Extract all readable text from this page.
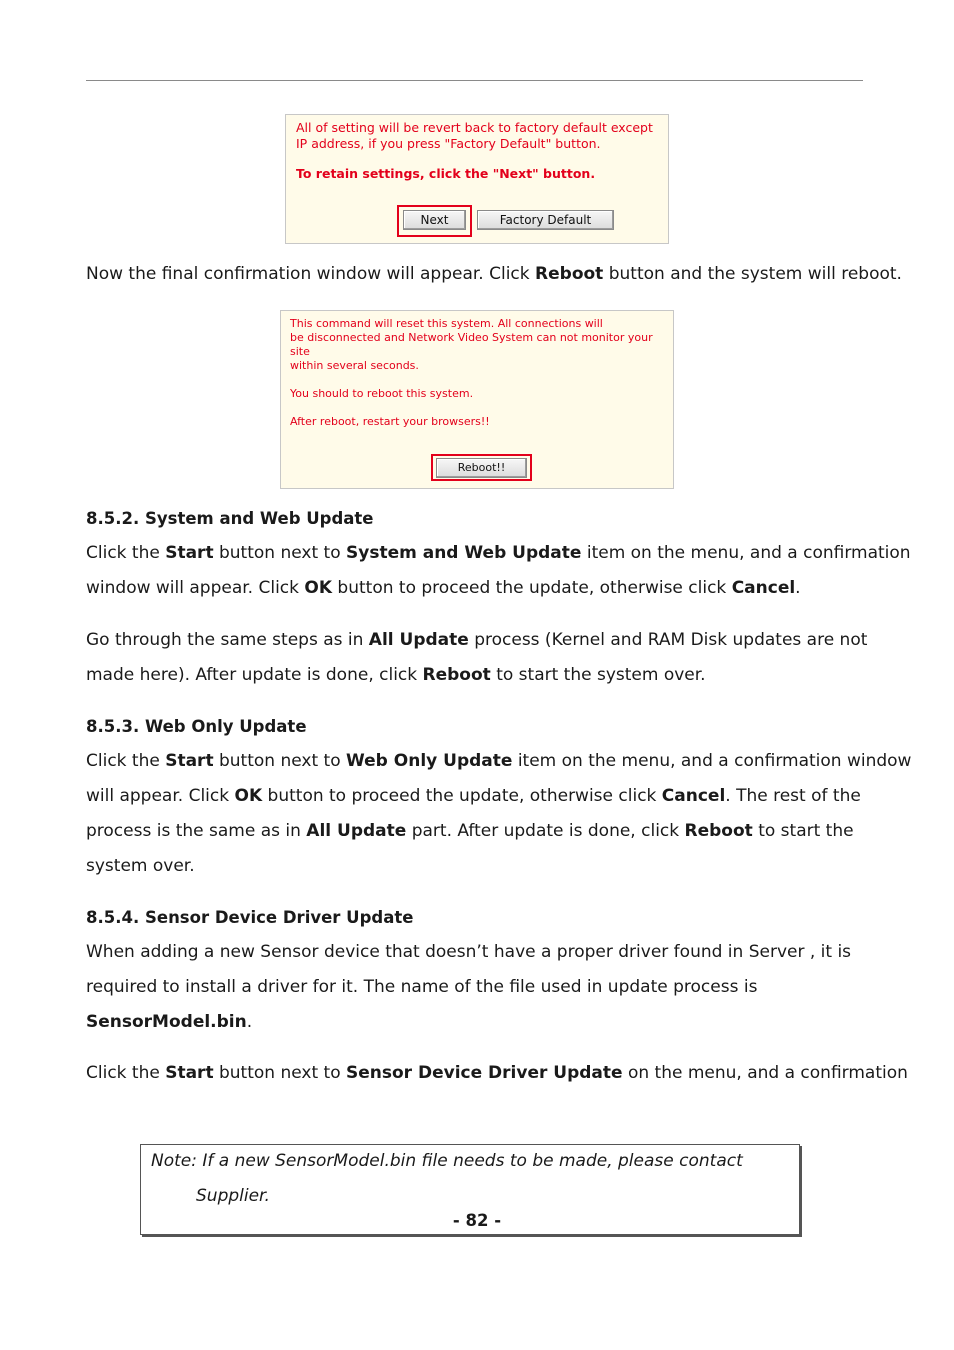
All of setting will be revert back to factory default except
IP address, if you press "Factory Default" button.
To retain settings, click the "Next" button.
Next	Factory Default
Now the final confirmation window will appear. Click Reboot button and the system will reboot.
This command will reset this system. All connections will
be disconnected and Network Video System can not monitor your
site
within several seconds.
You should to reboot this system.
After reboot, restart your browsers!!
Reboot!!
8.5.2. System and Web Update
Click the Start button next to System and Web Update item on the menu, and a confirmation
window will appear. Click OK button to proceed the update, otherwise click Cancel.
Go through the same steps as in All Update process (Kernel and RAM Disk updates are not
made here). After update is done, click Reboot to start the system over.
8.5.3. Web Only Update
Click the Start button next to Web Only Update item on the menu, and a confirmation window
will appear. Click OK button to proceed the update, otherwise click Cancel. The rest of the
process is the same as in All Update part. After update is done, click Reboot to start the
system over.
8.5.4. Sensor Device Driver Update
When adding a new Sensor device that doesn’t have a proper driver found in Server , it is
required to install a driver for it. The name of the file used in update process is
SensorModel.bin.
Click the Start button next to Sensor Device Driver Update on the menu, and a confirmation
Note: If a new SensorModel.bin file needs to be made, please contact
Supplier.
- 82 -
